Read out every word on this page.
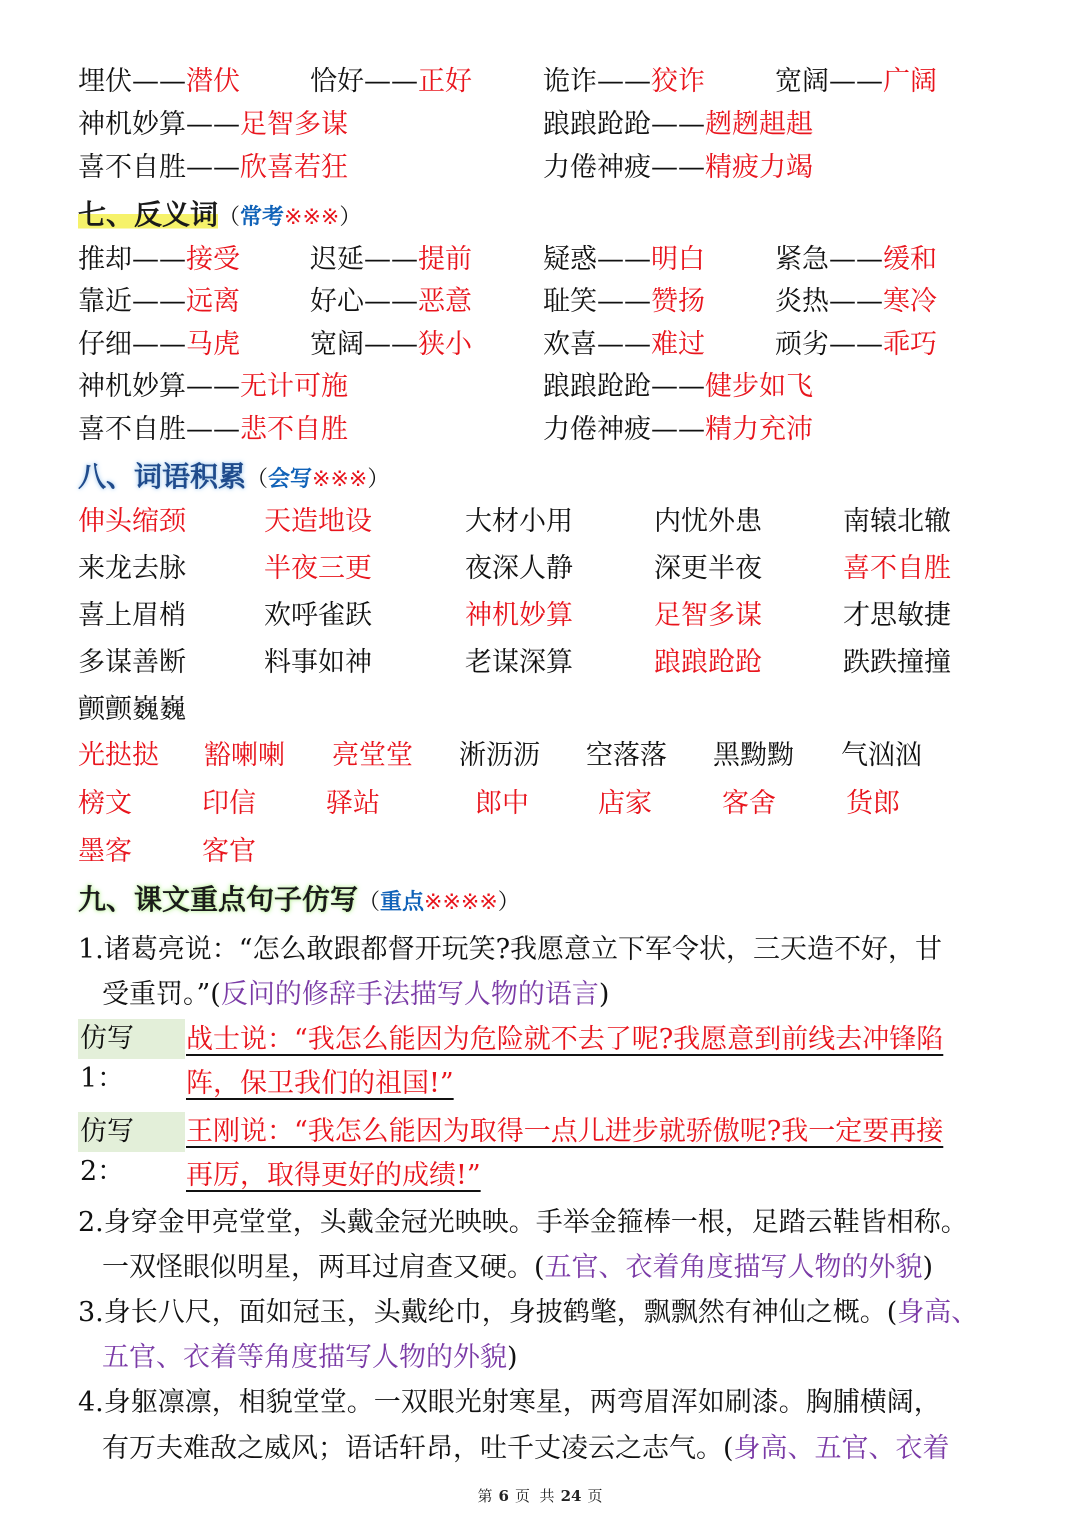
埋伏——潜伏	恰好——正好	诡诈——狡诈	宽阔——广阔
神机妙算——足智多谋	踉踉跄跄——趔趔趄趄
喜不自胜——欣喜若狂	力倦神疲——精疲力竭
七、反义词（常考※※※）
推却——接受	迟延——提前	疑惑——明白	紧急——缓和
靠近——远离	好心——恶意	耻笑——赞扬	炎热——寒冷
仔细——马虎	宽阔——狭小	欢喜——难过	顽劣——乖巧
神机妙算——无计可施	踉踉跄跄——健步如飞
喜不自胜——悲不自胜	力倦神疲——精力充沛
八、词语积累（会写※※※）
伸头缩颈	天造地设	大材小用	内忧外患	南辕北辙
来龙去脉	半夜三更	夜深人静	深更半夜	喜不自胜
喜上眉梢	欢呼雀跃	神机妙算	足智多谋	才思敏捷
多谋善断	料事如神	老谋深算	踉踉跄跄	跌跌撞撞
颤颤巍巍
光挞挞 豁喇喇 亮堂堂 淅沥沥 空落落 黑黝黝 气汹汹
榜文	印信	驿站	郎中	店家	客舍	货郎
墨客	客官
九、课文重点句子仿写（重点※※※※）
1.诸葛亮说：“怎么敢跟都督开玩笑?我愿意立下军令状，三天造不好，甘
受重罚。”(反问的修辞手法描写人物的语言)
仿写 1：
战士说：“我怎么能因为危险就不去了呢?我愿意到前线去冲锋陷
阵，保卫我们的祖国!”
仿写 2：
王刚说：“我怎么能因为取得一点儿进步就骄傲呢?我一定要再接
再厉，取得更好的成绩!”
2.身穿金甲亮堂堂，头戴金冠光映映。手举金箍棒一根，足踏云鞋皆相称。
一双怪眼似明星，两耳过肩查又硬。(五官、衣着角度描写人物的外貌)
3.身长八尺，面如冠玉，头戴纶巾，身披鹤氅，飘飘然有神仙之概。(身高、
五官、衣着等角度描写人物的外貌)
4.身躯凛凛，相貌堂堂。一双眼光射寒星，两弯眉浑如刷漆。胸脯横阔，
有万夫难敌之威风；语话轩昂，吐千丈凌云之志气。(身高、五官、衣着
第 6 页 共 24 页
